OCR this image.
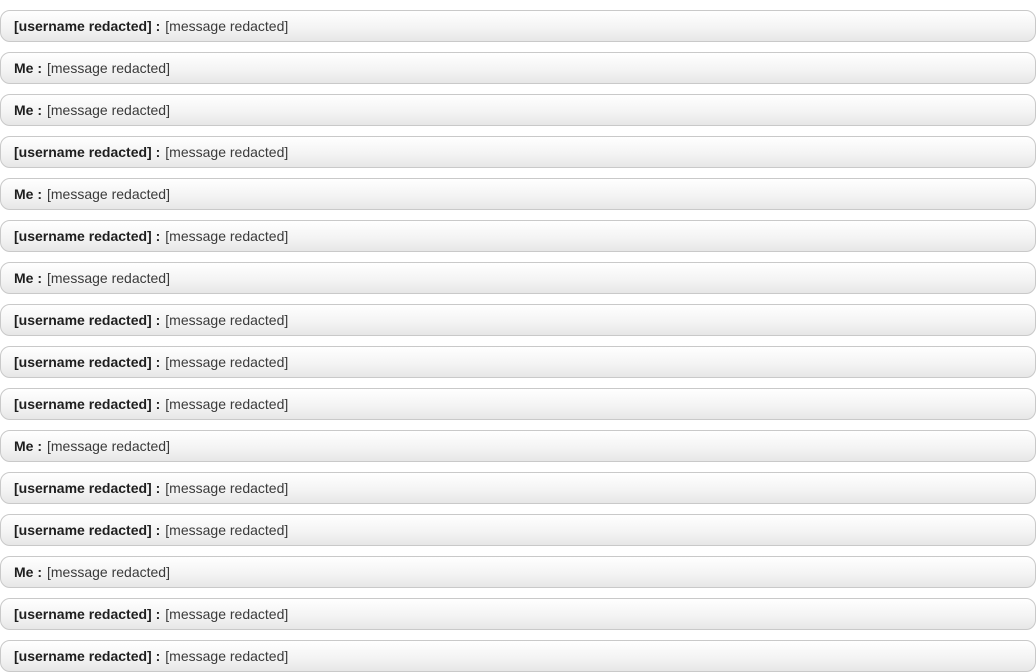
[username redacted] : [message redacted]
Me : [message redacted]
Me : [message redacted]
[username redacted] : [message redacted]
Me : [message redacted]
[username redacted] : [message redacted]
Me : [message redacted]
[username redacted] : [message redacted]
[username redacted] : [message redacted]
[username redacted] : [message redacted]
Me : [message redacted]
[username redacted] : [message redacted]
[username redacted] : [message redacted]
Me : [message redacted]
[username redacted] : [message redacted]
[username redacted] : [message redacted]
